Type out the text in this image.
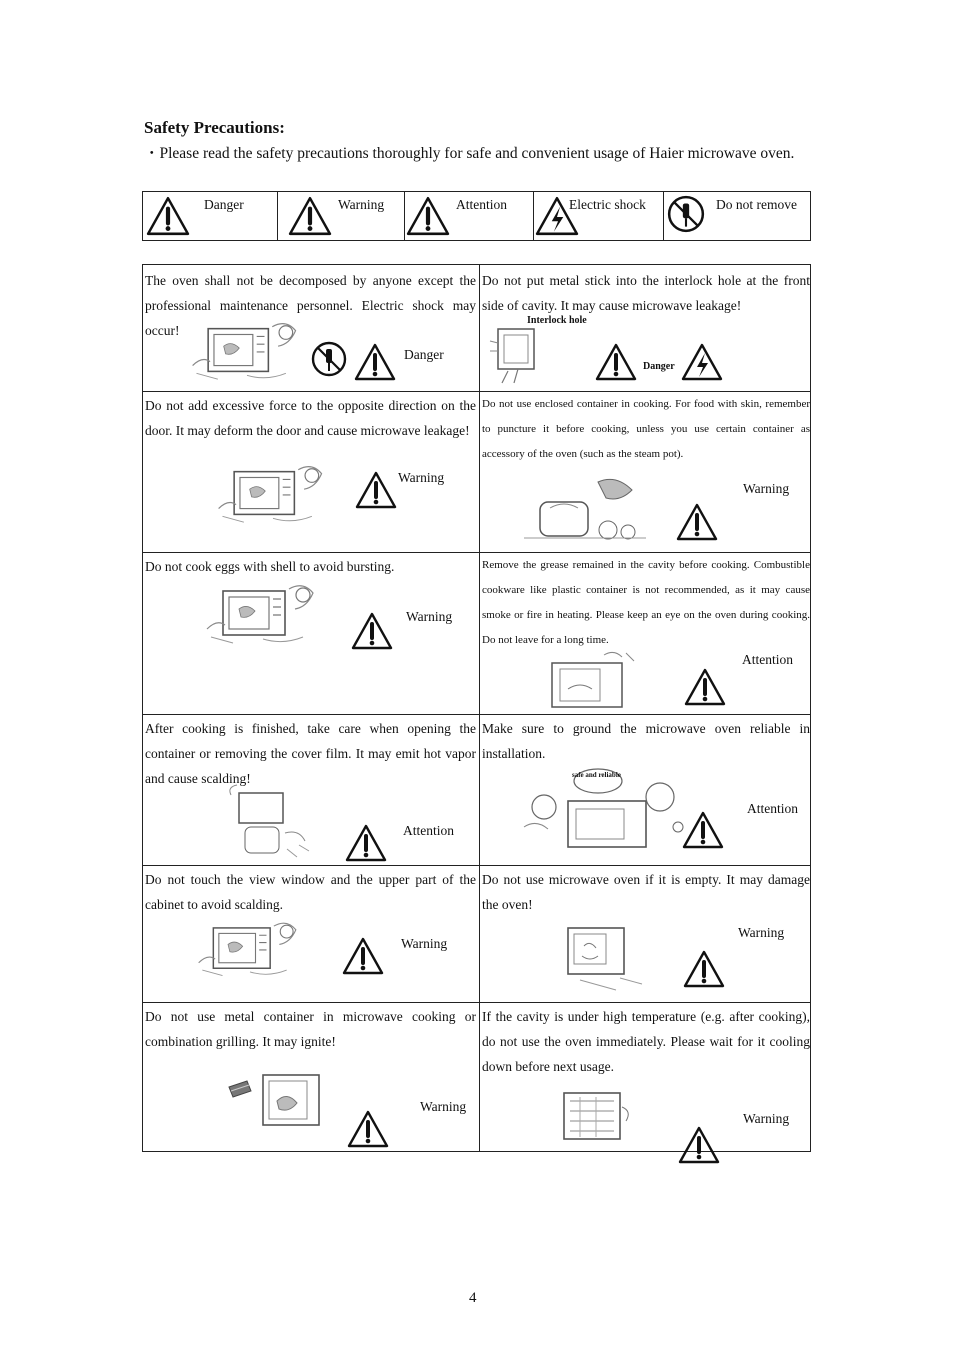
Safety Precautions:
・Please read the safety precautions thoroughly for safe and convenient usage of Haier microwave oven.
Danger	Warning	Attention	Electric shock	Do not remove
The oven shall not be decomposed by anyone except the professional maintenance personnel. Electric shock may occur!
Danger
Do not put metal stick into the interlock hole at the front side of cavity. It may cause microwave leakage!
Interlock hole
Danger
Do not add excessive force to the opposite direction on the door. It may deform the door and cause microwave leakage!
Warning
Do not use enclosed container in cooking. For food with skin, remember to puncture it before cooking, unless you use certain container as accessory of the oven (such as the steam pot).
Warning
Do not cook eggs with shell to avoid bursting.
Warning
Remove the grease remained in the cavity before cooking. Combustible cookware like plastic container is not recommended, as it may cause smoke or fire in heating. Please keep an eye on the oven during cooking. Do not leave for a long time.
Attention
After cooking is finished, take care when opening the container or removing the cover film. It may emit hot vapor and cause scalding!
Attention
Make sure to ground the microwave oven reliable in installation.
safe and reliable
Attention
Do not touch the view window and the upper part of the cabinet to avoid scalding.
Warning
Do not use microwave oven if it is empty. It may damage the oven!
Warning
Do not use metal container in microwave cooking or combination grilling. It may ignite!
Warning
If the cavity is under high temperature (e.g. after cooking), do not use the oven immediately. Please wait for it cooling down before next usage.
Warning
4
